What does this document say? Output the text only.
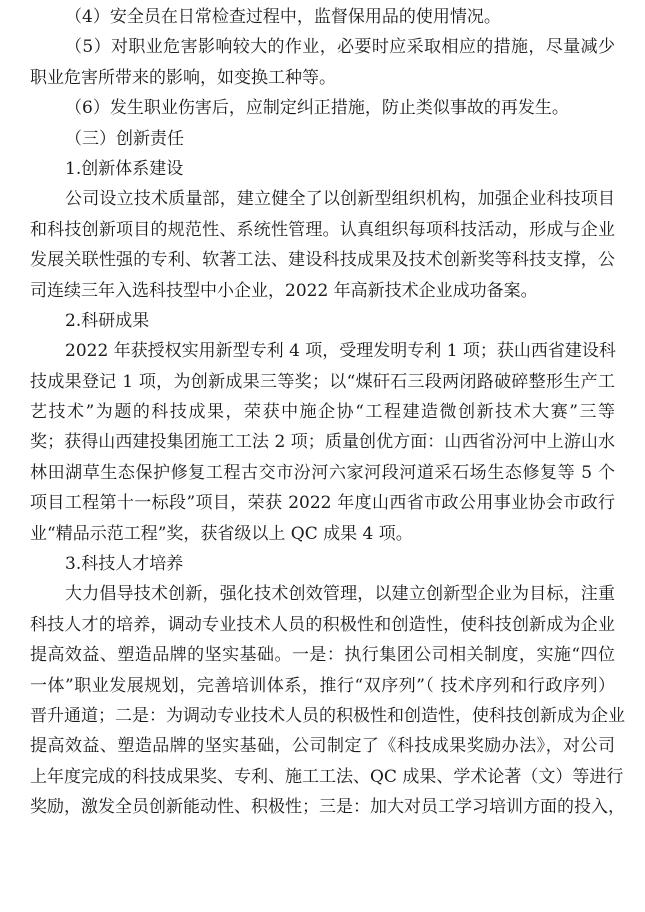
（4）安全员在日常检查过程中，监督保用品的使用情况。
（5）对职业危害影响较大的作业，必要时应采取相应的措施，尽量减少
职业危害所带来的影响，如变换工种等。
（6）发生职业伤害后，应制定纠正措施，防止类似事故的再发生。
（三）创新责任
1.创新体系建设
公司设立技术质量部，建立健全了以创新型组织机构，加强企业科技项目
和科技创新项目的规范性、系统性管理。认真组织每项科技活动，形成与企业
发展关联性强的专利、软著工法、建设科技成果及技术创新奖等科技支撑，公
司连续三年入选科技型中小企业，2022 年高新技术企业成功备案。
2.科研成果
2022 年获授权实用新型专利 4 项，受理发明专利 1 项；获山西省建设科
技成果登记 1 项，为创新成果三等奖；以“煤矸石三段两闭路破碎整形生产工
艺技术”为题的科技成果，荣获中施企协“工程建造微创新技术大赛”三等
奖；获得山西建投集团施工工法 2 项；质量创优方面：山西省汾河中上游山水
林田湖草生态保护修复工程古交市汾河六家河段河道采石场生态修复等 5 个
项目工程第十一标段”项目，荣获 2022 年度山西省市政公用事业协会市政行
业“精品示范工程”奖，获省级以上 QC 成果 4 项。
3.科技人才培养
大力倡导技术创新，强化技术创效管理，以建立创新型企业为目标，注重
科技人才的培养，调动专业技术人员的积极性和创造性，使科技创新成为企业
提高效益、塑造品牌的坚实基础。一是：执行集团公司相关制度，实施“四位
一体”职业发展规划，完善培训体系，推行“双序列”（ 技术序列和行政序列）
晋升通道；二是：为调动专业技术人员的积极性和创造性，使科技创新成为企业
提高效益、塑造品牌的坚实基础，公司制定了《科技成果奖励办法》，对公司
上年度完成的科技成果奖、专利、施工工法、QC 成果、学术论著（文）等进行
奖励，激发全员创新能动性、积极性；三是：加大对员工学习培训方面的投入，
